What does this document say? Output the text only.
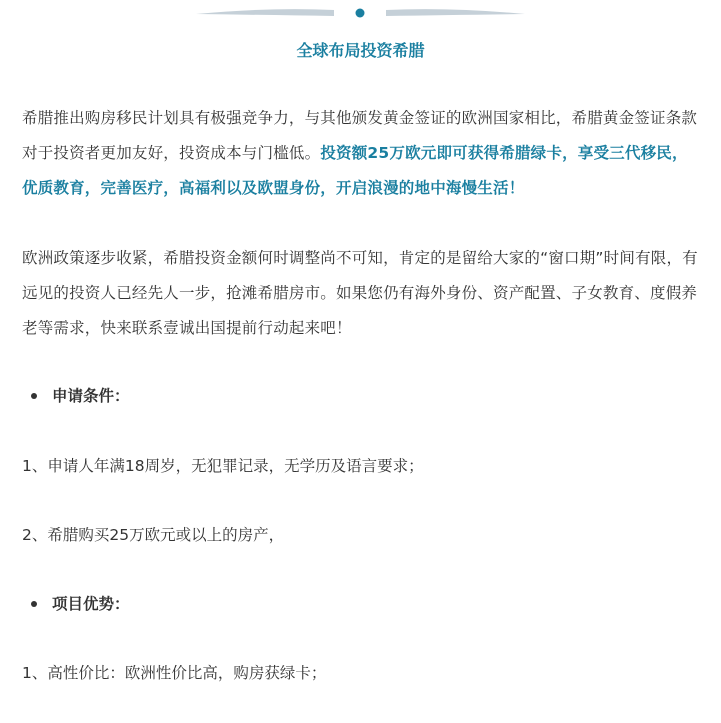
全球布局投资希腊

希腊推出购房移民计划具有极强竞争力，与其他颁发黄金签证的欧洲国家相比，希腊黄金签证条款对于投资者更加友好，投资成本与门槛低。投资额25万欧元即可获得希腊绿卡，享受三代移民，优质教育，完善医疗，高福利以及欧盟身份，开启浪漫的地中海慢生活！

欧洲政策逐步收紧，希腊投资金额何时调整尚不可知，肯定的是留给大家的“窗口期”时间有限，有远见的投资人已经先人一步，抢滩希腊房市。如果您仍有海外身份、资产配置、子女教育、度假养老等需求，快来联系壹诚出国提前行动起来吧！

申请条件：

1、申请人年满18周岁，无犯罪记录，无学历及语言要求；

2、希腊购买25万欧元或以上的房产，

项目优势：

1、高性价比：欧洲性价比高，购房获绿卡；
